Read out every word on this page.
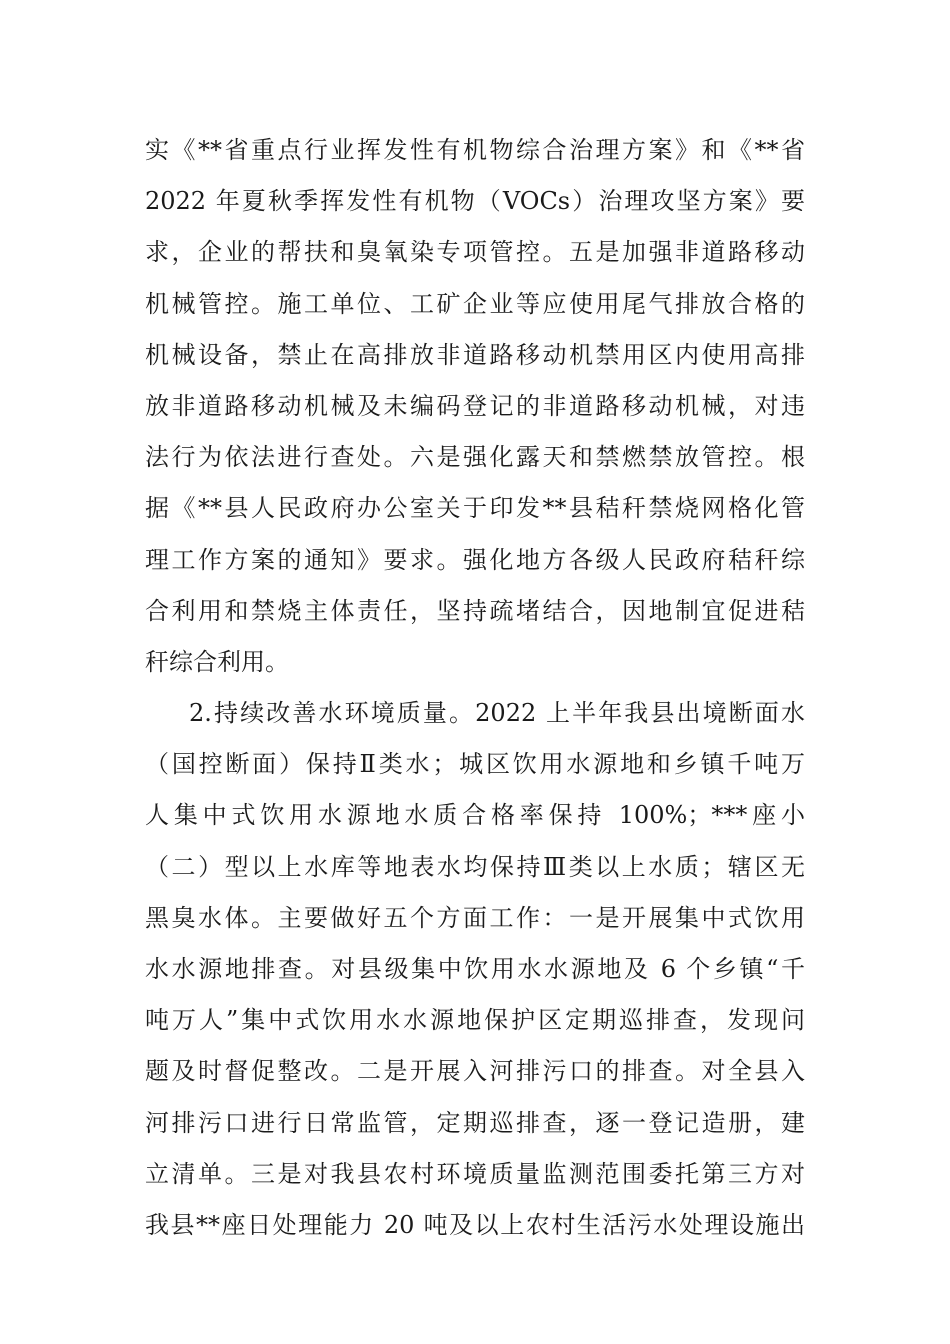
实《**省重点行业挥发性有机物综合治理方案》和《**省
2022 年夏秋季挥发性有机物（VOCs）治理攻坚方案》要
求，企业的帮扶和臭氧染专项管控。五是加强非道路移动
机械管控。施工单位、工矿企业等应使用尾气排放合格的
机械设备，禁止在高排放非道路移动机禁用区内使用高排
放非道路移动机械及未编码登记的非道路移动机械，对违
法行为依法进行查处。六是强化露天和禁燃禁放管控。根
据《**县人民政府办公室关于印发**县秸秆禁烧网格化管
理工作方案的通知》要求。强化地方各级人民政府秸秆综
合利用和禁烧主体责任，坚持疏堵结合，因地制宜促进秸
秆综合利用。
2.持续改善水环境质量。2022 上半年我县出境断面水
（国控断面）保持Ⅱ类水；城区饮用水源地和乡镇千吨万
人集中式饮用水源地水质合格率保持 100%；***座小
（二）型以上水库等地表水均保持Ⅲ类以上水质；辖区无
黑臭水体。主要做好五个方面工作：一是开展集中式饮用
水水源地排查。对县级集中饮用水水源地及 6 个乡镇“千
吨万人”集中式饮用水水源地保护区定期巡排查，发现问
题及时督促整改。二是开展入河排污口的排查。对全县入
河排污口进行日常监管，定期巡排查，逐一登记造册，建
立清单。三是对我县农村环境质量监测范围委托第三方对
我县**座日处理能力 20 吨及以上农村生活污水处理设施出
